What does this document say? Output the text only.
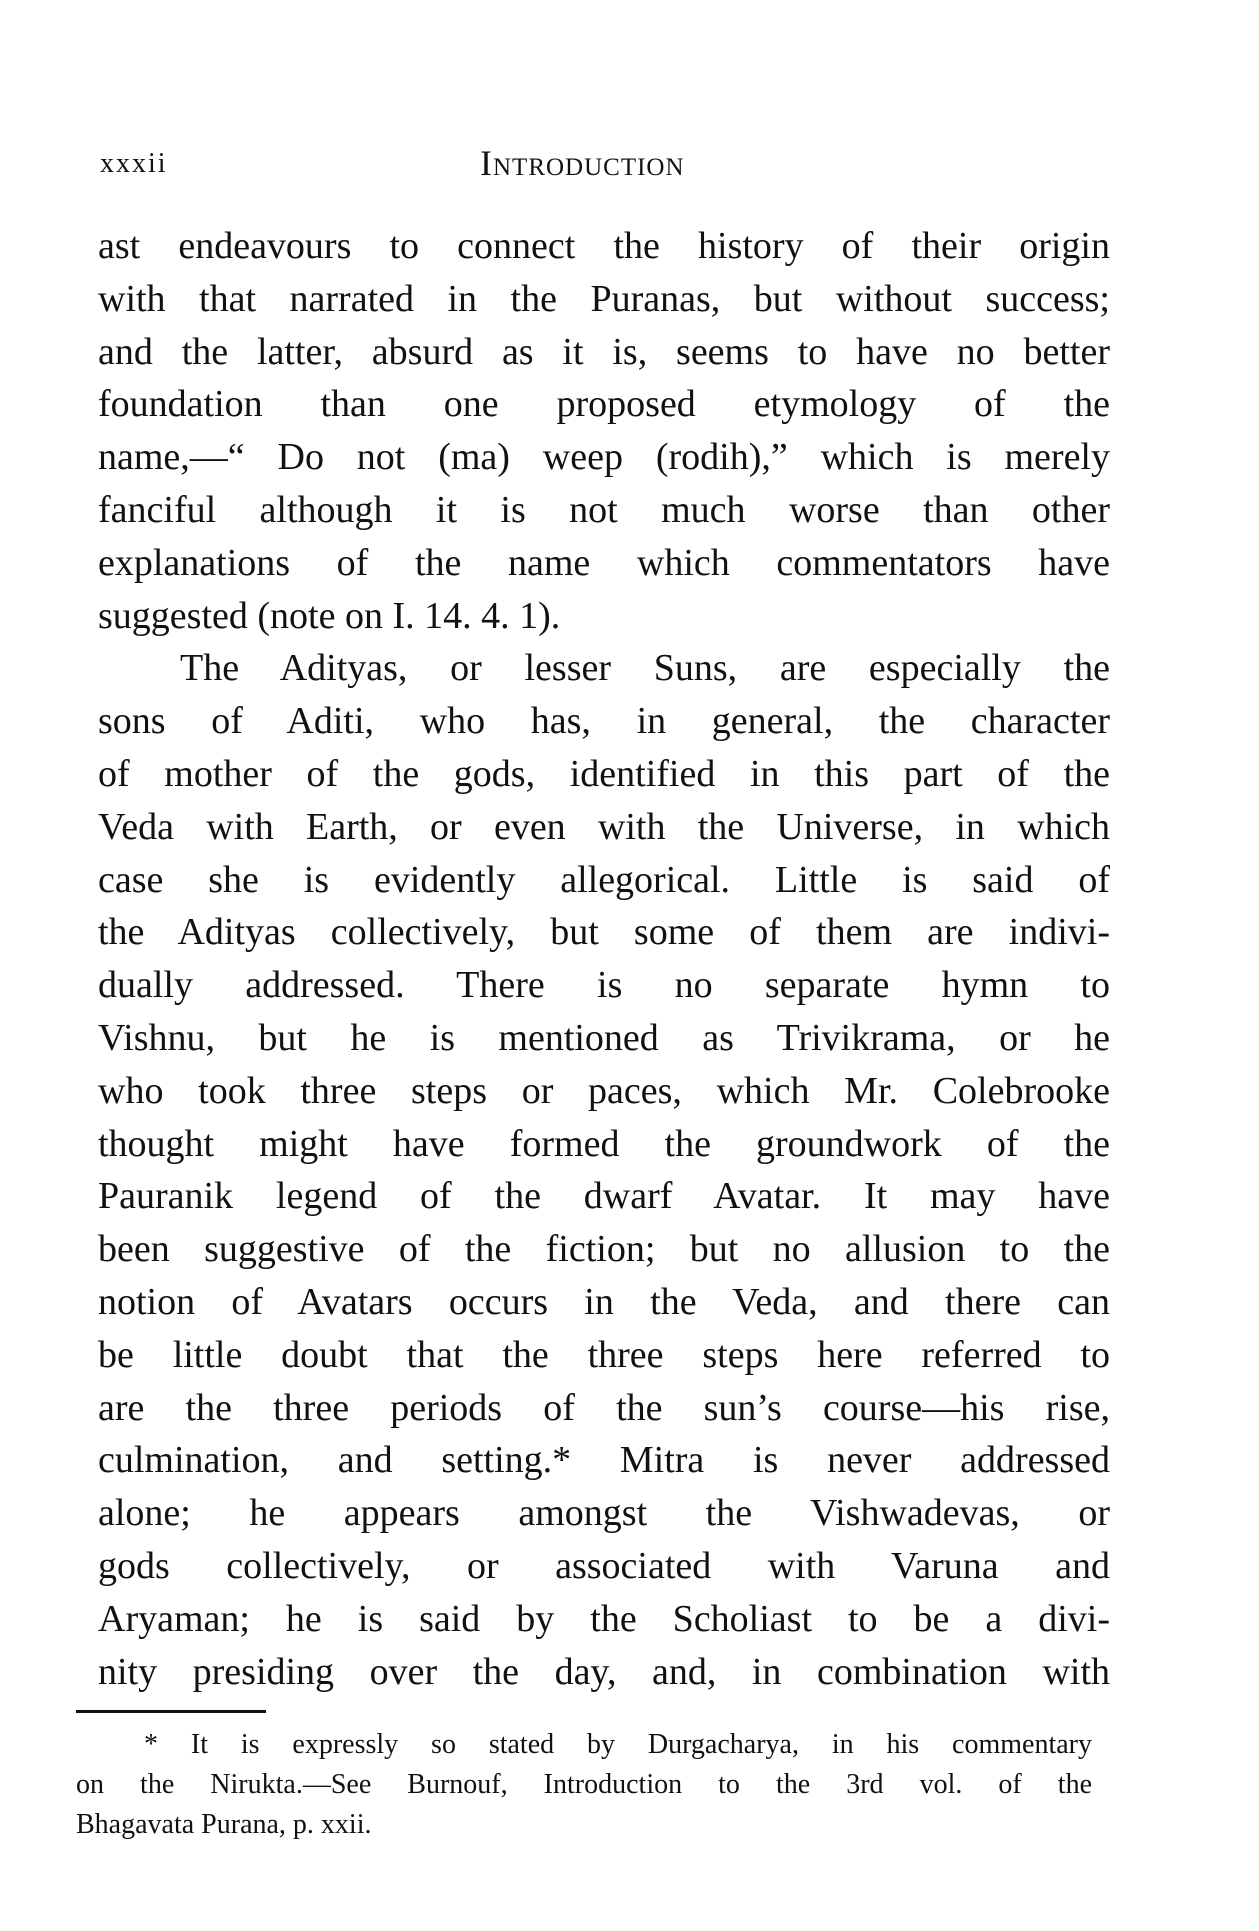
xxxii	Introduction
ast endeavours to connect the history of their origin
with that narrated in the Puranas, but without success;
and the latter, absurd as it is, seems to have no better
foundation than one proposed etymology of the
name,—“ Do not (ma) weep (rodih),” which is merely
fanciful although it is not much worse than other
explanations of the name which commentators have
suggested (note on I. 14. 4. 1).
The Adityas, or lesser Suns, are especially the
sons of Aditi, who has, in general, the character
of mother of the gods, identified in this part of the
Veda with Earth, or even with the Universe, in which
case she is evidently allegorical. Little is said of
the Adityas collectively, but some of them are indivi-
dually addressed. There is no separate hymn to
Vishnu, but he is mentioned as Trivikrama, or he
who took three steps or paces, which Mr. Colebrooke
thought might have formed the groundwork of the
Pauranik legend of the dwarf Avatar. It may have
been suggestive of the fiction; but no allusion to the
notion of Avatars occurs in the Veda, and there can
be little doubt that the three steps here referred to
are the three periods of the sun’s course—his rise,
culmination, and setting.* Mitra is never addressed
alone; he appears amongst the Vishwadevas, or
gods collectively, or associated with Varuna and
Aryaman; he is said by the Scholiast to be a divi-
nity presiding over the day, and, in combination with
* It is expressly so stated by Durgacharya, in his commentary
on the Nirukta.—See Burnouf, Introduction to the 3rd vol. of the
Bhagavata Purana, p. xxii.
